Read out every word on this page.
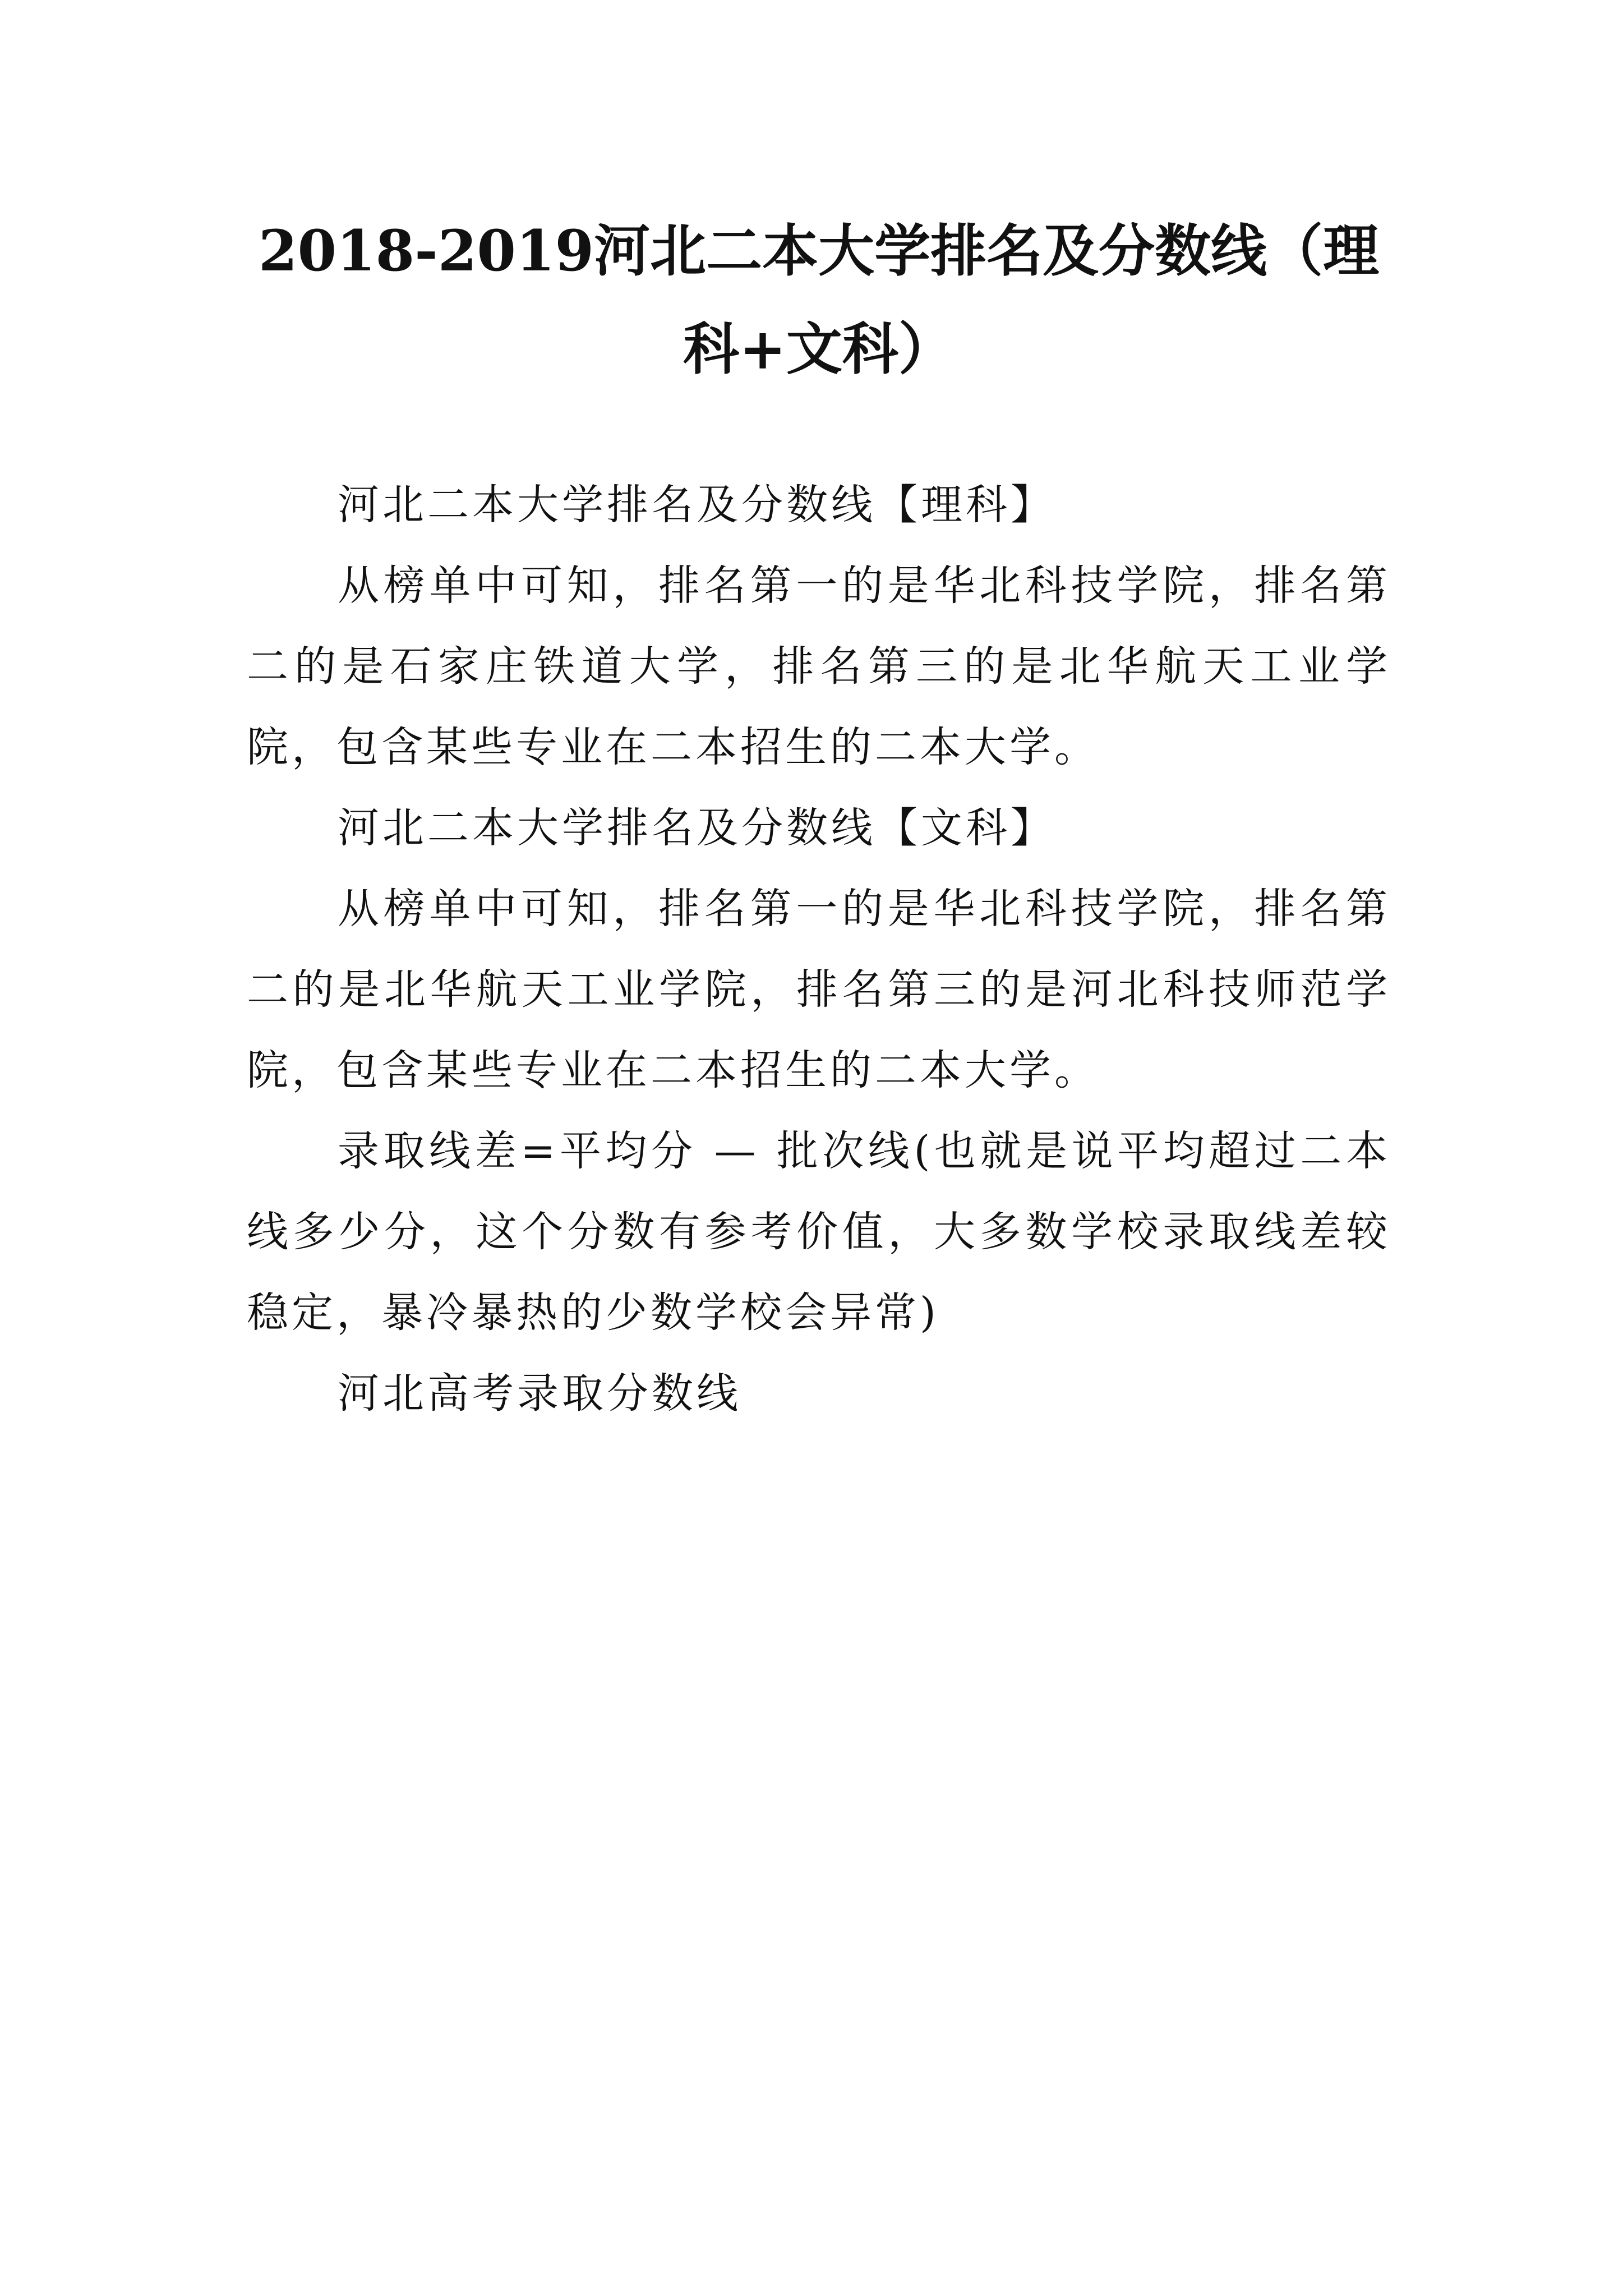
2018-2019河北二本大学排名及分数线（理科+文科）

河北二本大学排名及分数线【理科】

从榜单中可知，排名第一的是华北科技学院，排名第二的是石家庄铁道大学，排名第三的是北华航天工业学院，包含某些专业在二本招生的二本大学。

河北二本大学排名及分数线【文科】

从榜单中可知，排名第一的是华北科技学院，排名第二的是北华航天工业学院，排名第三的是河北科技师范学院，包含某些专业在二本招生的二本大学。

录取线差=平均分 — 批次线(也就是说平均超过二本线多少分，这个分数有参考价值，大多数学校录取线差较稳定，暴冷暴热的少数学校会异常)

河北高考录取分数线
